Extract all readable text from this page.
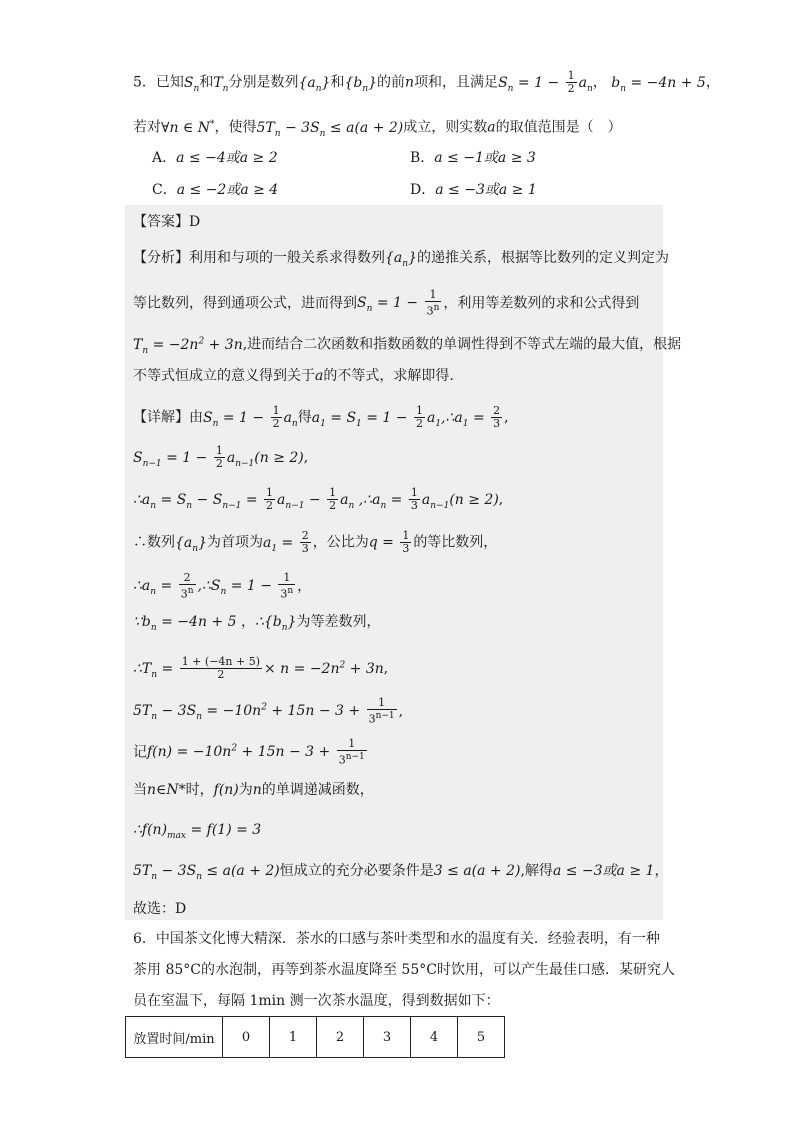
5．已知$S_n$和$T_n$分别是数列$\{a_n\}$和$\{b_n\}$的前n项和，且满足$S_n = 1 - \frac{1}{2} a_n$， $b_n = -4n + 5$，
若对∀n ∈ N*，使得$5T_n - 3S_n \le a(a + 2)$成立，则实数a的取值范围是（　）
A．a ≤ −4或a ≥ 2	B．a ≤ −1或a ≥ 3
C．a ≤ −2或a ≥ 4	D．a ≤ −3或a ≥ 1
【答案】D
【分析】利用和与项的一般关系求得数列$\{a_n\}$的递推关系，根据等比数列的定义判定为
等比数列，得到通项公式，进而得到$S_n = 1 - \frac{1}{3^n}$ ，利用等差数列的求和公式得到
$T_n = -2n^2 + 3n$,进而结合二次函数和指数函数的单调性得到不等式左端的最大值，根据
不等式恒成立的意义得到关于a的不等式，求解即得.
【详解】由$S_n = 1 - \frac{1}{2} a_n$得$a_1 = S_1 = 1 - \frac{1}{2}$ $a_1,\therefore a_1 = \frac{2}{3}$ ,
$S_{n-1} = 1 - \frac{1}{2} a_{n-1}(n \ge 2)$,
$\therefore a_n = S_n - S_{n-1} = \frac{1}{2} a_{n-1} - \frac{1}{2} a_n$ $,\therefore a_n = \frac{1}{3} a_{n-1}(n \ge 2)$,
∴数列$\{a_n\}$为首项为$a_1 = \frac{2}{3}$ ，公比为$q = \frac{1}{3}$ 的等比数列，
$\therefore a_n = \frac{2}{3^n}$ $,\therefore S_n = 1 - \frac{1}{3^n}$ ，
$\because b_n = -4n + 5$ ，$\therefore\{b_n\}$为等差数列，
$\therefore T_n = \frac{1 + (-4n + 5)}{2} \times n = -2n^2 + 3n$,
$5T_n - 3S_n = -10n^2 + 15n - 3 + \frac{1}{3^{n-1}}$ ,
记$f(n) = -10n^2 + 15n - 3 + \frac{1}{3^{n-1}}$
当n∈N*时，f(n)为n的单调递减函数，
$\therefore f(n)_{max} = f(1) = 3$
$5T_n - 3S_n \le a(a + 2)$恒成立的充分必要条件是3 ≤ a(a + 2),解得a ≤ −3或a ≥ 1，
故选：D
6．中国茶文化博大精深．茶水的口感与茶叶类型和水的温度有关．经验表明，有一种
茶用 85°C的水泡制，再等到茶水温度降至 55°C时饮用，可以产生最佳口感．某研究人
员在室温下，每隔 1min 测一次茶水温度，得到数据如下：
放置时间/min	0	1	2	3	4	5
